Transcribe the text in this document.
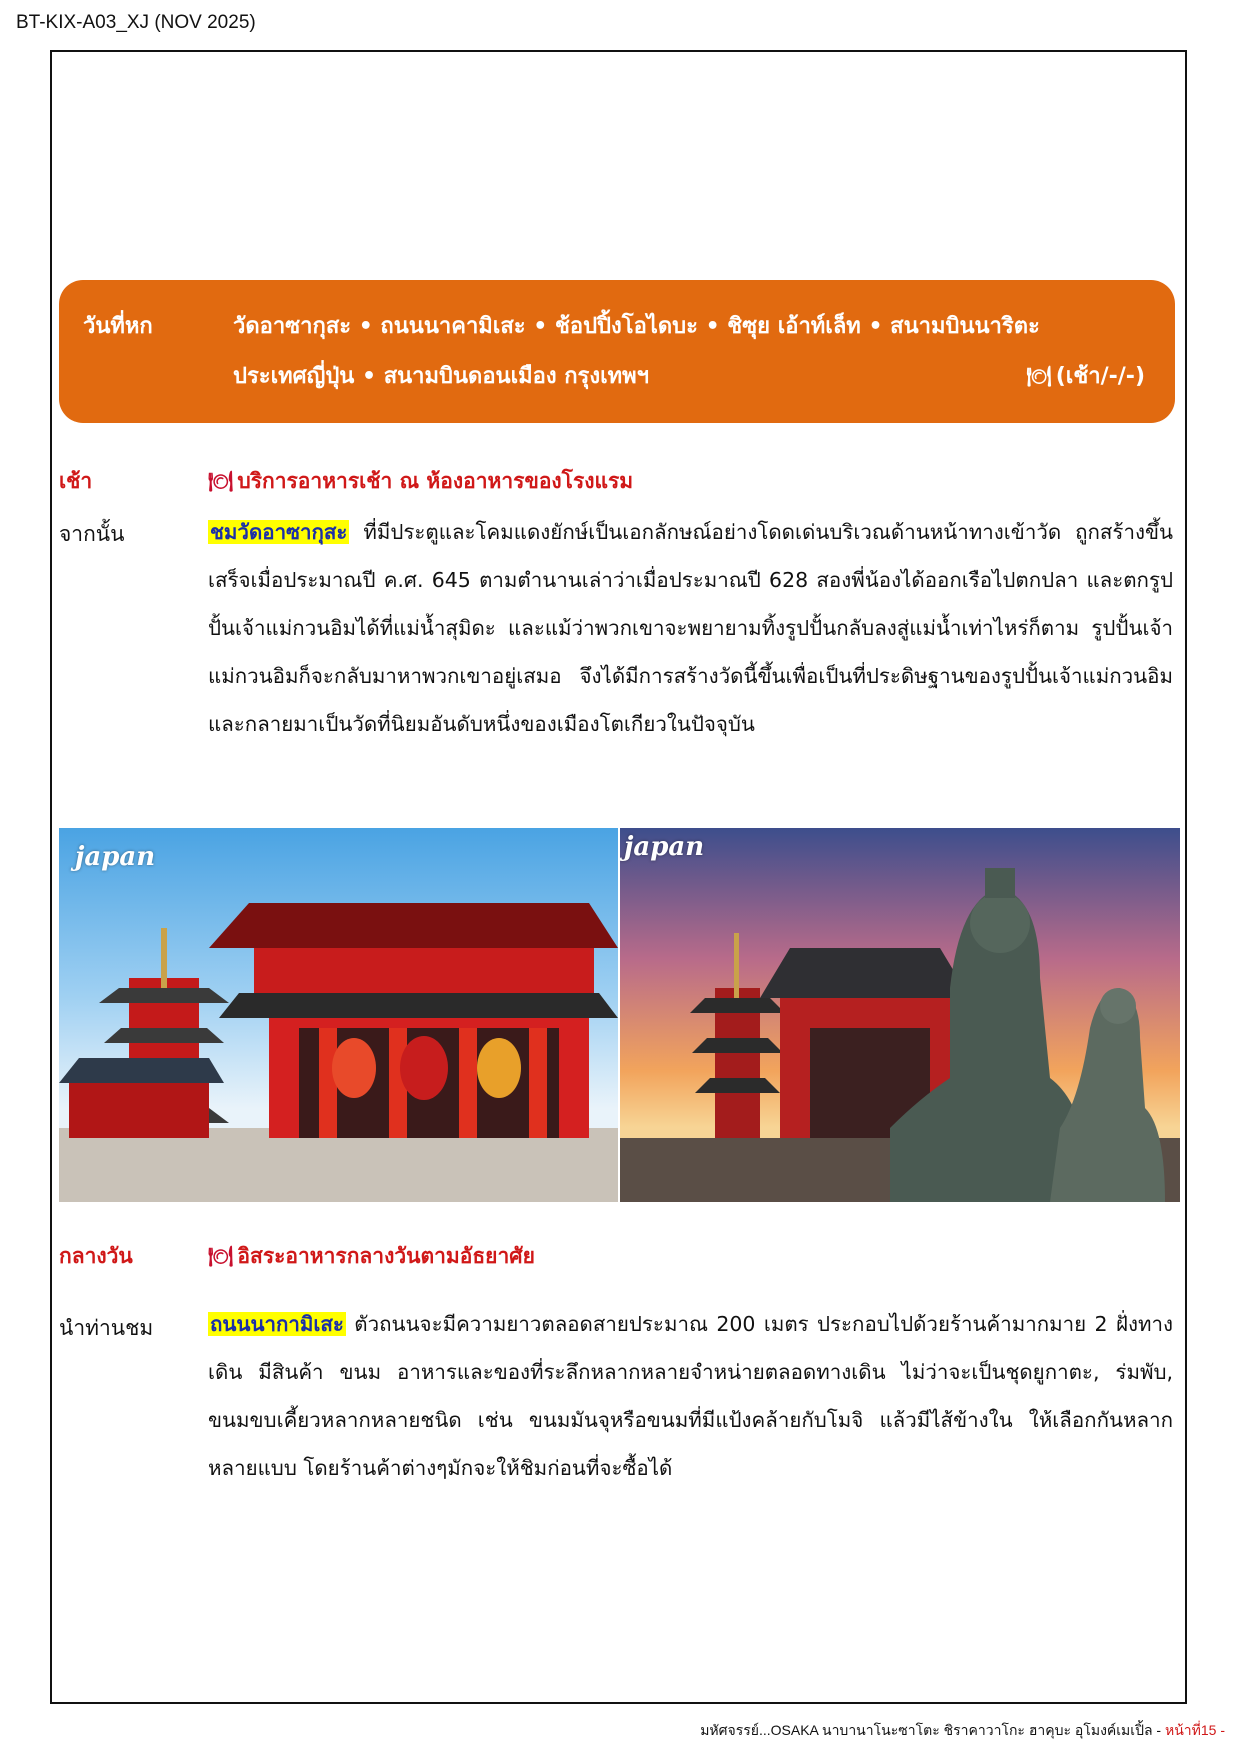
BT-KIX-A03_XJ (NOV 2025)
วันที่หก	วัดอาซากุสะ • ถนนนาคามิเสะ • ช้อปปิ้งโอไดบะ • ชิซุย เอ้าท์เล็ท • สนามบินนาริตะ
ประเทศญี่ปุ่น • สนามบินดอนเมือง กรุงเทพฯ	🍽 (เช้า/-/-)
เช้า	🍽 บริการอาหารเช้า ณ ห้องอาหารของโรงแรม
จากนั้น	ชมวัดอาซากุสะ ที่มีประตูและโคมแดงยักษ์เป็นเอกลักษณ์อย่างโดดเด่นบริเวณด้านหน้าทางเข้าวัด ถูกสร้างขึ้นเสร็จเมื่อประมาณปี ค.ศ. 645 ตามตำนานเล่าว่าเมื่อประมาณปี 628 สองพี่น้องได้ออกเรือไปตกปลา และตกรูปปั้นเจ้าแม่กวนอิมได้ที่แม่น้ำสุมิดะ และแม้ว่าพวกเขาจะพยายามทิ้งรูปปั้นกลับลงสู่แม่น้ำเท่าไหร่ก็ตาม รูปปั้นเจ้าแม่กวนอิมก็จะกลับมาหาพวกเขาอยู่เสมอ จึงได้มีการสร้างวัดนี้ขึ้นเพื่อเป็นที่ประดิษฐานของรูปปั้นเจ้าแม่กวนอิม และกลายมาเป็นวัดที่นิยมอันดับหนึ่งของเมืองโตเกียวในปัจจุบัน
japan	japan
กลางวัน	🍽 อิสระอาหารกลางวันตามอัธยาศัย
นำท่านชม	ถนนนากามิเสะ ตัวถนนจะมีความยาวตลอดสายประมาณ 200 เมตร ประกอบไปด้วยร้านค้ามากมาย 2 ฝั่งทางเดิน มีสินค้า ขนม อาหารและของที่ระลึกหลากหลายจำหน่ายตลอดทางเดิน ไม่ว่าจะเป็นชุดยูกาตะ, ร่มพับ, ขนมขบเคี้ยวหลากหลายชนิด เช่น ขนมมันจุหรือขนมที่มีแป้งคล้ายกับโมจิ แล้วมีไส้ข้างใน ให้เลือกกันหลากหลายแบบ โดยร้านค้าต่างๆมักจะให้ชิมก่อนที่จะซื้อได้
มหัศจรรย์...OSAKA นาบานาโนะซาโตะ ชิราคาวาโกะ ฮาคุบะ อุโมงค์เมเปิ้ล - หน้าที่15 -
